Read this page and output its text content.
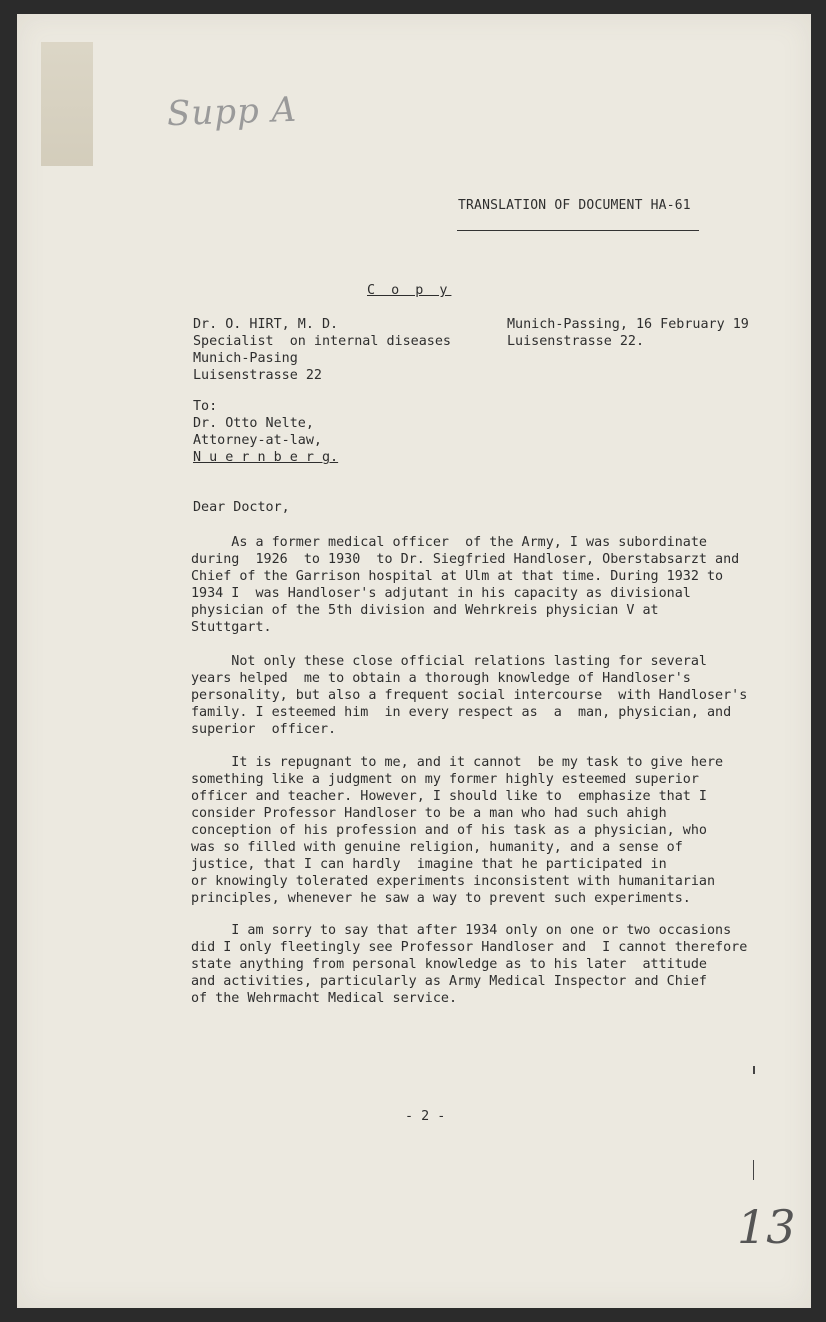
Supp A

TRANSLATION OF DOCUMENT HA-61

C o p y

Dr. O. HIRT, M. D.
Specialist  on internal diseases
Munich-Pasing
Luisenstrasse 22
Munich-Passing, 16 February 19
Luisenstrasse 22.
To:
Dr. Otto Nelte,
Attorney-at-law,
N u e r n b e r g.

Dear Doctor,

As a former medical officer  of the Army, I was subordinate
during  1926  to 1930  to Dr. Siegfried Handloser, Oberstabsarzt and
Chief of the Garrison hospital at Ulm at that time. During 1932 to
1934 I  was Handloser's adjutant in his capacity as divisional
physician of the 5th division and Wehrkreis physician V at
Stuttgart.

Not only these close official relations lasting for several
years helped  me to obtain a thorough knowledge of Handloser's
personality, but also a frequent social intercourse  with Handloser's
family. I esteemed him  in every respect as  a  man, physician, and
superior  officer.

It is repugnant to me, and it cannot  be my task to give here
something like a judgment on my former highly esteemed superior
officer and teacher. However, I should like to  emphasize that I
consider Professor Handloser to be a man who had such ahigh
conception of his profession and of his task as a physician, who
was so filled with genuine religion, humanity, and a sense of
justice, that I can hardly  imagine that he participated in
or knowingly tolerated experiments inconsistent with humanitarian
principles, whenever he saw a way to prevent such experiments.

I am sorry to say that after 1934 only on one or two occasions
did I only fleetingly see Professor Handloser and  I cannot therefore
state anything from personal knowledge as to his later  attitude
and activities, particularly as Army Medical Inspector and Chief
of the Wehrmacht Medical service.

- 2 -

13
